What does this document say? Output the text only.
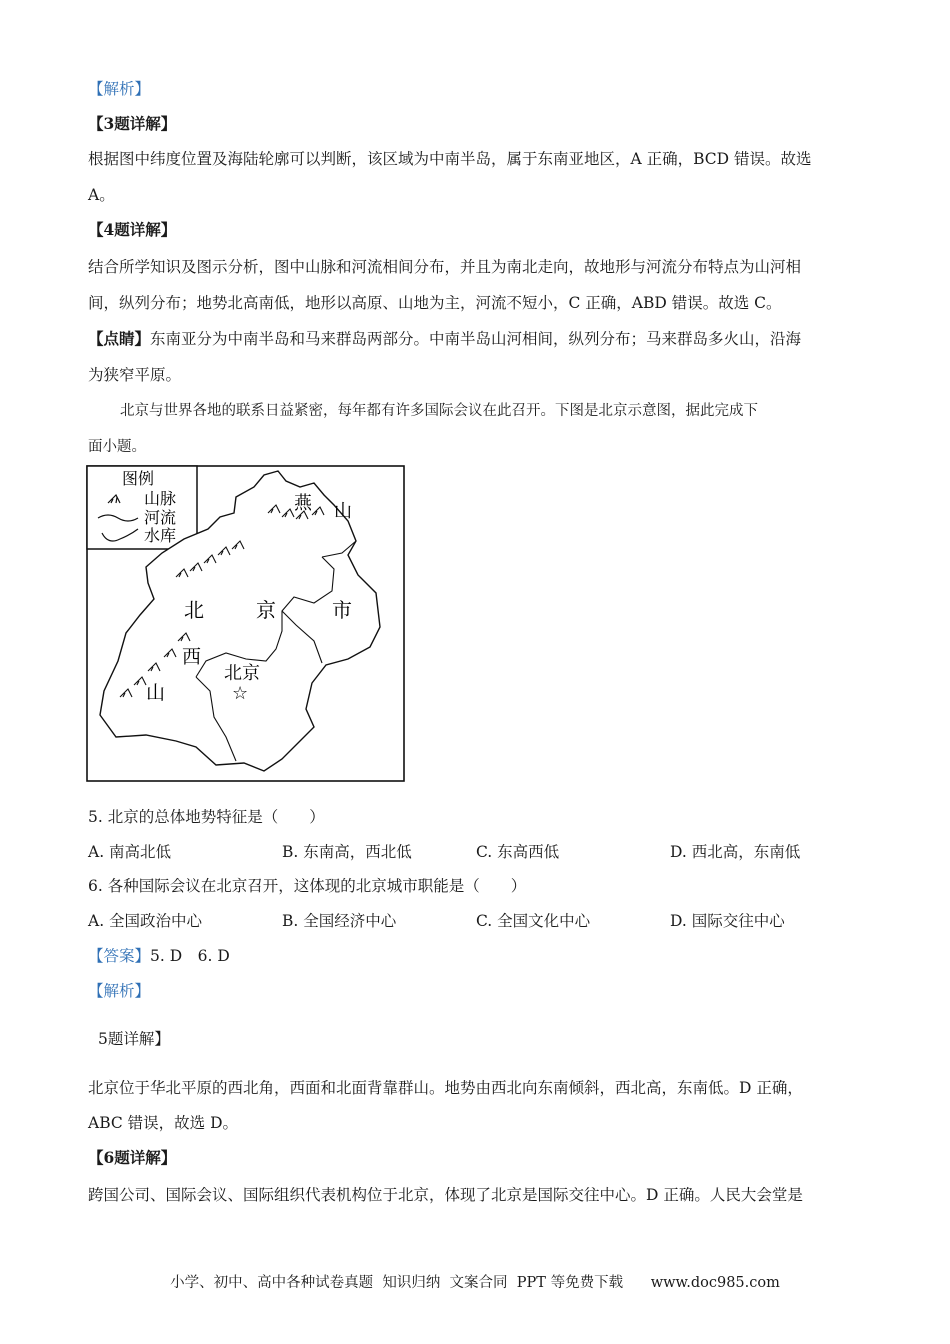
【解析】
【3题详解】
根据图中纬度位置及海陆轮廓可以判断，该区域为中南半岛，属于东南亚地区，A 正确，BCD 错误。故选
A。
【4题详解】
结合所学知识及图示分析，图中山脉和河流相间分布，并且为南北走向，故地形与河流分布特点为山河相
间，纵列分布；地势北高南低，地形以高原、山地为主，河流不短小，C 正确，ABD 错误。故选 C。
【点睛】东南亚分为中南半岛和马来群岛两部分。中南半岛山河相间，纵列分布；马来群岛多火山，沿海
为狭窄平原。
北京与世界各地的联系日益紧密，每年都有许多国际会议在此召开。下图是北京示意图，据此完成下
面小题。
图例
山脉
河流
水库
燕 山
北	京	市
西
山
北京
☆
5. 北京的总体地势特征是（　　）
A. 南高北低	B. 东南高，西北低	C. 东高西低	D. 西北高，东南低
6. 各种国际会议在北京召开，这体现的北京城市职能是（　　）
A. 全国政治中心	B. 全国经济中心	C. 全国文化中心	D. 国际交往中心
【答案】5. D　6. D
【解析】
5题详解】
北京位于华北平原的西北角，西面和北面背靠群山。地势由西北向东南倾斜，西北高，东南低。D 正确，
ABC 错误，故选 D。
【6题详解】
跨国公司、国际会议、国际组织代表机构位于北京，体现了北京是国际交往中心。D 正确。人民大会堂是
小学、初中、高中各种试卷真题  知识归纳  文案合同  PPT 等免费下载      www.doc985.com
